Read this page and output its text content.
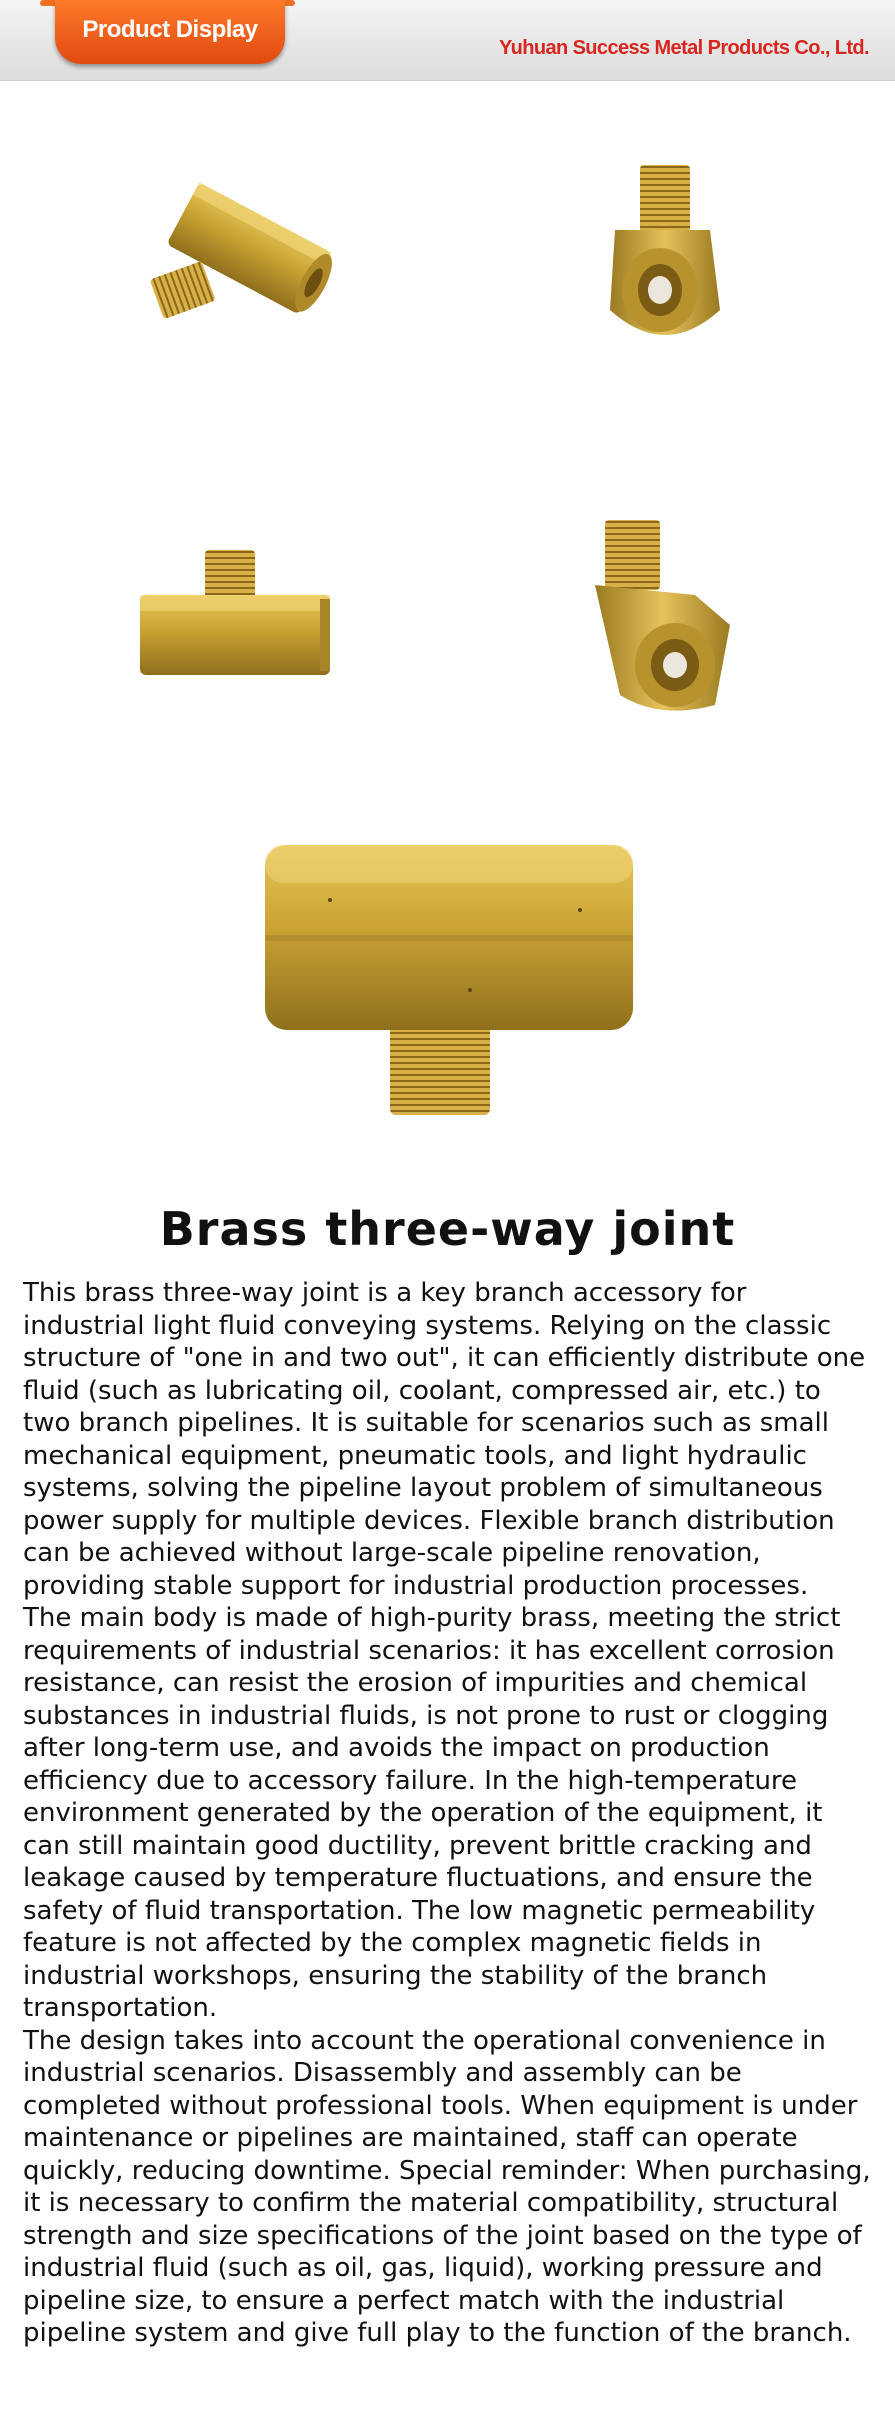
Product Display
Yuhuan Success Metal Products Co., Ltd.
Brass three-way joint

This brass three-way joint is a key branch accessory for industrial light fluid conveying systems. Relying on the classic structure of "one in and two out", it can efficiently distribute one fluid (such as lubricating oil, coolant, compressed air, etc.) to two branch pipelines. It is suitable for scenarios such as small mechanical equipment, pneumatic tools, and light hydraulic systems, solving the pipeline layout problem of simultaneous power supply for multiple devices. Flexible branch distribution can be achieved without large-scale pipeline renovation, providing stable support for industrial production processes.

The main body is made of high-purity brass, meeting the strict requirements of industrial scenarios: it has excellent corrosion resistance, can resist the erosion of impurities and chemical substances in industrial fluids, is not prone to rust or clogging after long-term use, and avoids the impact on production efficiency due to accessory failure. In the high-temperature environment generated by the operation of the equipment, it can still maintain good ductility, prevent brittle cracking and leakage caused by temperature fluctuations, and ensure the safety of fluid transportation. The low magnetic permeability feature is not affected by the complex magnetic fields in industrial workshops, ensuring the stability of the branch transportation.

The design takes into account the operational convenience in industrial scenarios. Disassembly and assembly can be completed without professional tools. When equipment is under maintenance or pipelines are maintained, staff can operate quickly, reducing downtime. Special reminder: When purchasing, it is necessary to confirm the material compatibility, structural strength and size specifications of the joint based on the type of industrial fluid (such as oil, gas, liquid), working pressure and pipeline size, to ensure a perfect match with the industrial pipeline system and give full play to the function of the branch.
